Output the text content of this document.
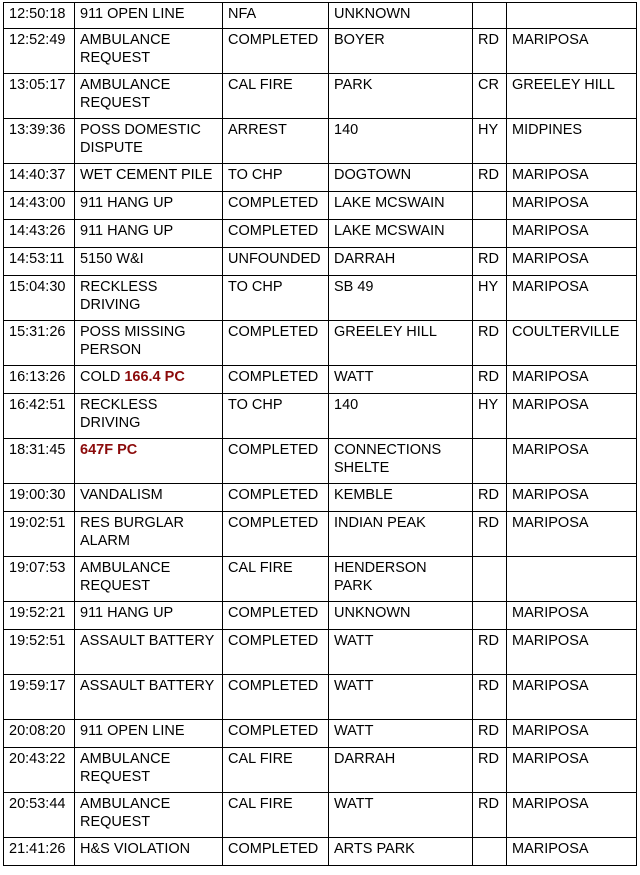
12:50:18	911 OPEN LINE	NFA	UNKNOWN		
12:52:49	AMBULANCE REQUEST	COMPLETED	BOYER	RD	MARIPOSA
13:05:17	AMBULANCE REQUEST	CAL FIRE	PARK	CR	GREELEY HILL
13:39:36	POSS DOMESTIC DISPUTE	ARREST	140	HY	MIDPINES
14:40:37	WET CEMENT PILE	TO CHP	DOGTOWN	RD	MARIPOSA
14:43:00	911 HANG UP	COMPLETED	LAKE MCSWAIN		MARIPOSA
14:43:26	911 HANG UP	COMPLETED	LAKE MCSWAIN		MARIPOSA
14:53:11	5150 W&I	UNFOUNDED	DARRAH	RD	MARIPOSA
15:04:30	RECKLESS DRIVING	TO CHP	SB 49	HY	MARIPOSA
15:31:26	POSS MISSING PERSON	COMPLETED	GREELEY HILL	RD	COULTERVILLE
16:13:26	COLD 166.4 PC	COMPLETED	WATT	RD	MARIPOSA
16:42:51	RECKLESS DRIVING	TO CHP	140	HY	MARIPOSA
18:31:45	647F PC	COMPLETED	CONNECTIONS SHELTE		MARIPOSA
19:00:30	VANDALISM	COMPLETED	KEMBLE	RD	MARIPOSA
19:02:51	RES BURGLAR ALARM	COMPLETED	INDIAN PEAK	RD	MARIPOSA
19:07:53	AMBULANCE REQUEST	CAL FIRE	HENDERSON PARK		
19:52:21	911 HANG UP	COMPLETED	UNKNOWN		MARIPOSA
19:52:51	ASSAULT BATTERY	COMPLETED	WATT	RD	MARIPOSA
19:59:17	ASSAULT BATTERY	COMPLETED	WATT	RD	MARIPOSA
20:08:20	911 OPEN LINE	COMPLETED	WATT	RD	MARIPOSA
20:43:22	AMBULANCE REQUEST	CAL FIRE	DARRAH	RD	MARIPOSA
20:53:44	AMBULANCE REQUEST	CAL FIRE	WATT	RD	MARIPOSA
21:41:26	H&S VIOLATION	COMPLETED	ARTS PARK		MARIPOSA
